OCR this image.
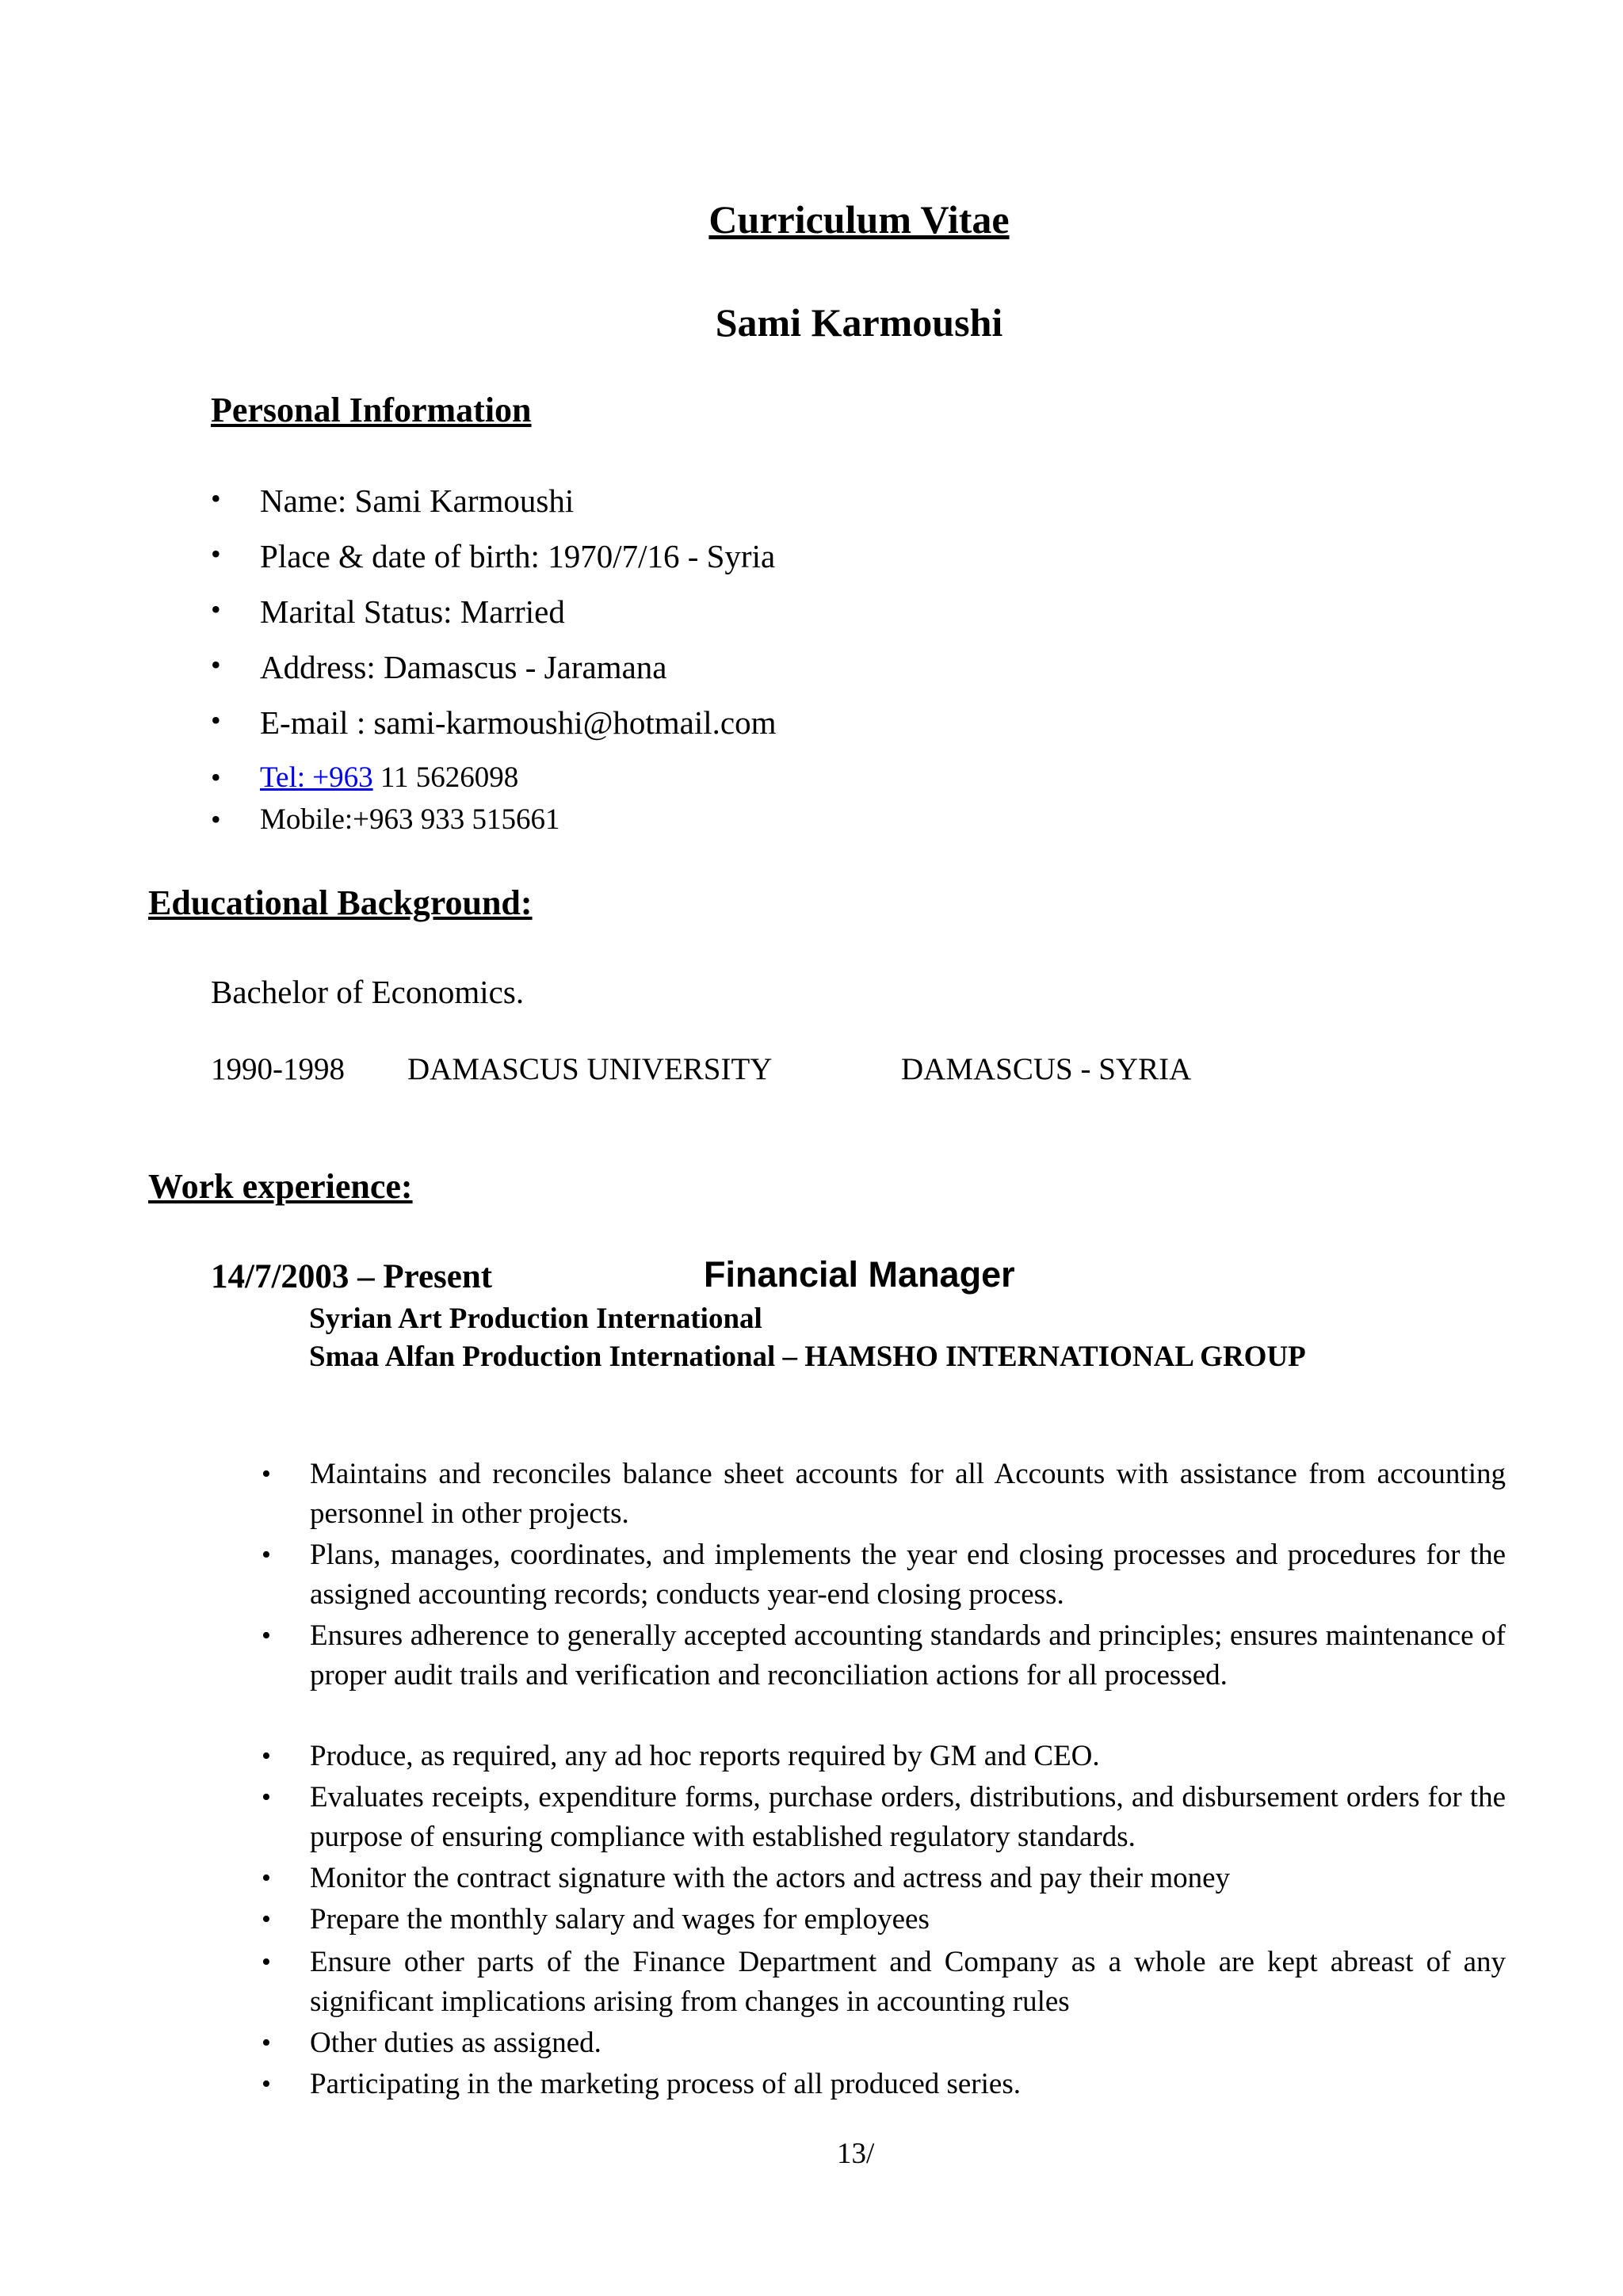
Curriculum Vitae
Sami Karmoushi
Personal Information
• Name: Sami Karmoushi
• Place & date of birth: 1970/7/16 - Syria
• Marital Status: Married
• Address: Damascus - Jaramana
• E-mail : sami-karmoushi@hotmail.com
• Tel: +963 11 5626098
• Mobile:+963 933 515661
Educational Background:
Bachelor of Economics.
1990-1998 DAMASCUS UNIVERSITY	DAMASCUS - SYRIA
Work experience:
14/7/2003 – Present	Financial Manager
Syrian Art Production International
Smaa Alfan Production International – HAMSHO INTERNATIONAL GROUP
• Maintains and reconciles balance sheet accounts for all Accounts with assistance from accounting personnel in other projects.
• Plans, manages, coordinates, and implements the year end closing processes and procedures for the assigned accounting records; conducts year-end closing process.
• Ensures adherence to generally accepted accounting standards and principles; ensures maintenance of proper audit trails and verification and reconciliation actions for all processed.
• Produce, as required, any ad hoc reports required by GM and CEO.
• Evaluates receipts, expenditure forms, purchase orders, distributions, and disbursement orders for the purpose of ensuring compliance with established regulatory standards.
• Monitor the contract signature with the actors and actress and pay their money
• Prepare the monthly salary and wages for employees
• Ensure other parts of the Finance Department and Company as a whole are kept abreast of any significant implications arising from changes in accounting rules
• Other duties as assigned.
• Participating in the marketing process of all produced series.
13/
